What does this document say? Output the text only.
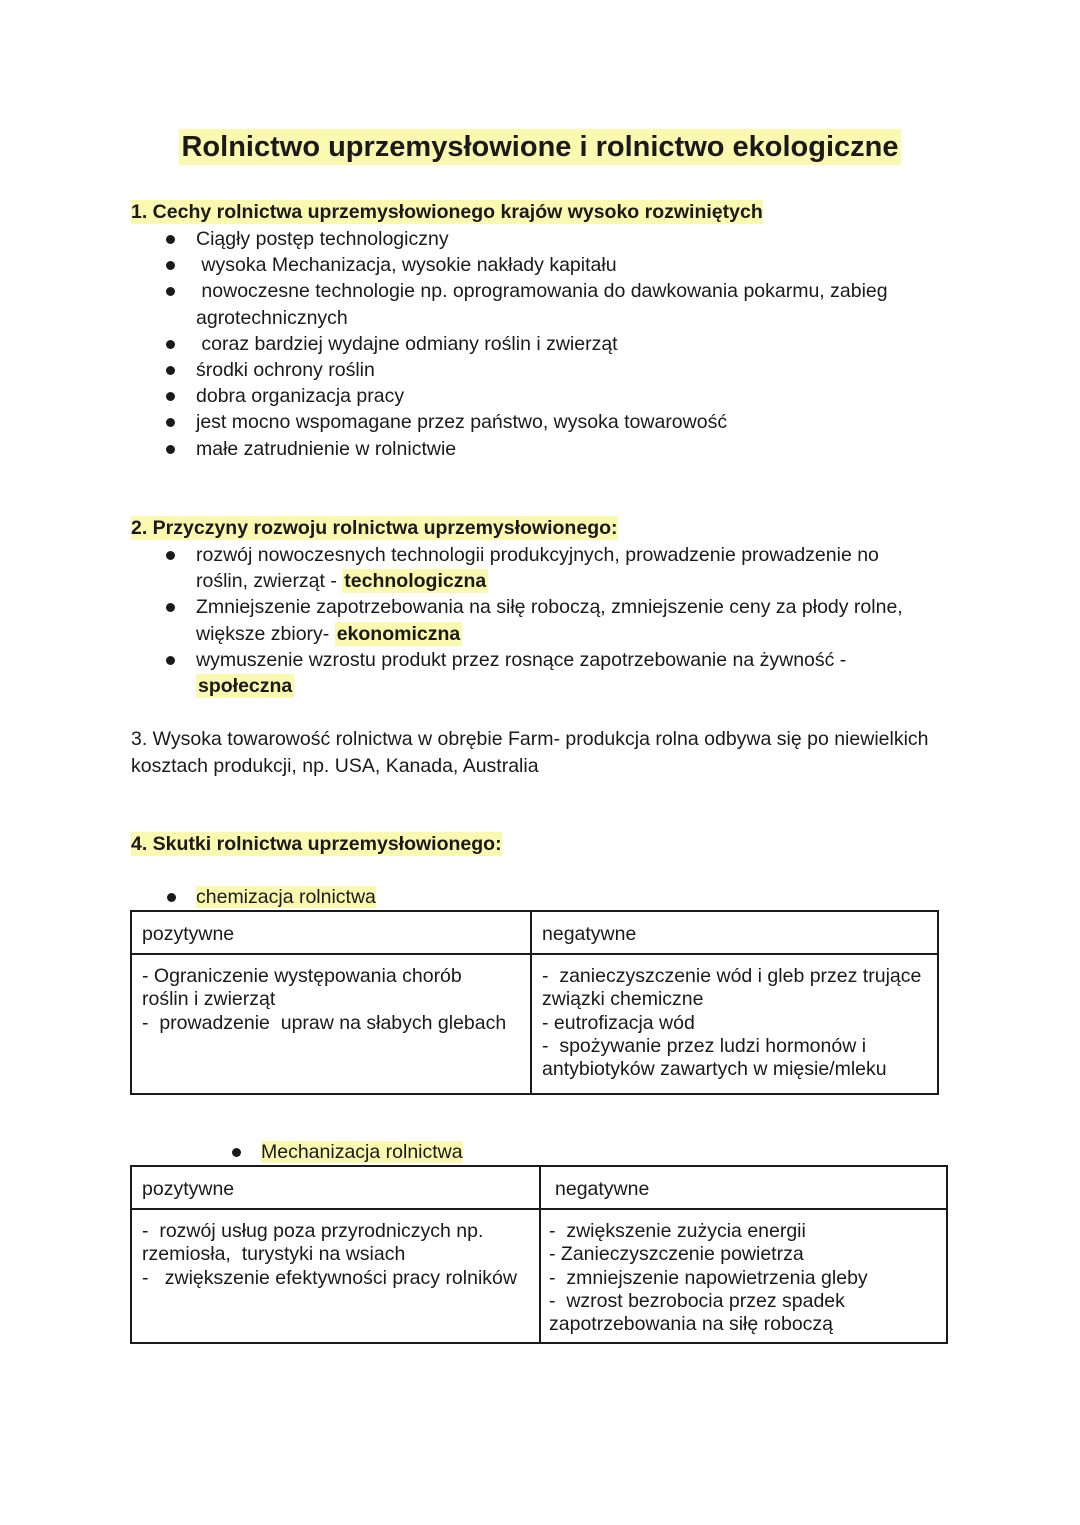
Rolnictwo uprzemysłowione i rolnictwo ekologiczne
1. Cechy rolnictwa uprzemysłowionego krajów wysoko rozwiniętych
Ciągły postęp technologiczny
wysoka Mechanizacja, wysokie nakłady kapitału
nowoczesne technologie np. oprogramowania do dawkowania pokarmu, zabieg agrotechnicznych
coraz bardziej wydajne odmiany roślin i zwierząt
środki ochrony roślin
dobra organizacja pracy
jest mocno wspomagane przez państwo, wysoka towarowość
małe zatrudnienie w rolnictwie
2. Przyczyny rozwoju rolnictwa uprzemysłowionego:
rozwój nowoczesnych technologii produkcyjnych, prowadzenie prowadzenie no roślin, zwierząt - technologiczna
Zmniejszenie zapotrzebowania na siłę roboczą, zmniejszenie ceny za płody rolne, większe zbiory- ekonomiczna
wymuszenie wzrostu produkt przez rosnące zapotrzebowanie na żywność - społeczna
3. Wysoka towarowość rolnictwa w obrębie Farm- produkcja rolna odbywa się po niewielkich kosztach produkcji, np. USA, Kanada, Australia
4. Skutki rolnictwa uprzemysłowionego:
chemizacja rolnictwa
pozytywne	negatywne

- Ograniczenie występowania chorób
roślin i zwierząt
-  prowadzenie  upraw na słabych glebach	-  zanieczyszczenie wód i gleb przez trujące
związki chemiczne
- eutrofizacja wód
-  spożywanie przez ludzi hormonów i
antybiotyków zawartych w mięsie/mleku
Mechanizacja rolnictwa
pozytywne	negatywne

-  rozwój usług poza przyrodniczych np.
rzemiosła,  turystyki na wsiach
-   zwiększenie efektywności pracy rolników	-  zwiększenie zużycia energii
- Zanieczyszczenie powietrza
-  zmniejszenie napowietrzenia gleby
-  wzrost bezrobocia przez spadek
zapotrzebowania na siłę roboczą
